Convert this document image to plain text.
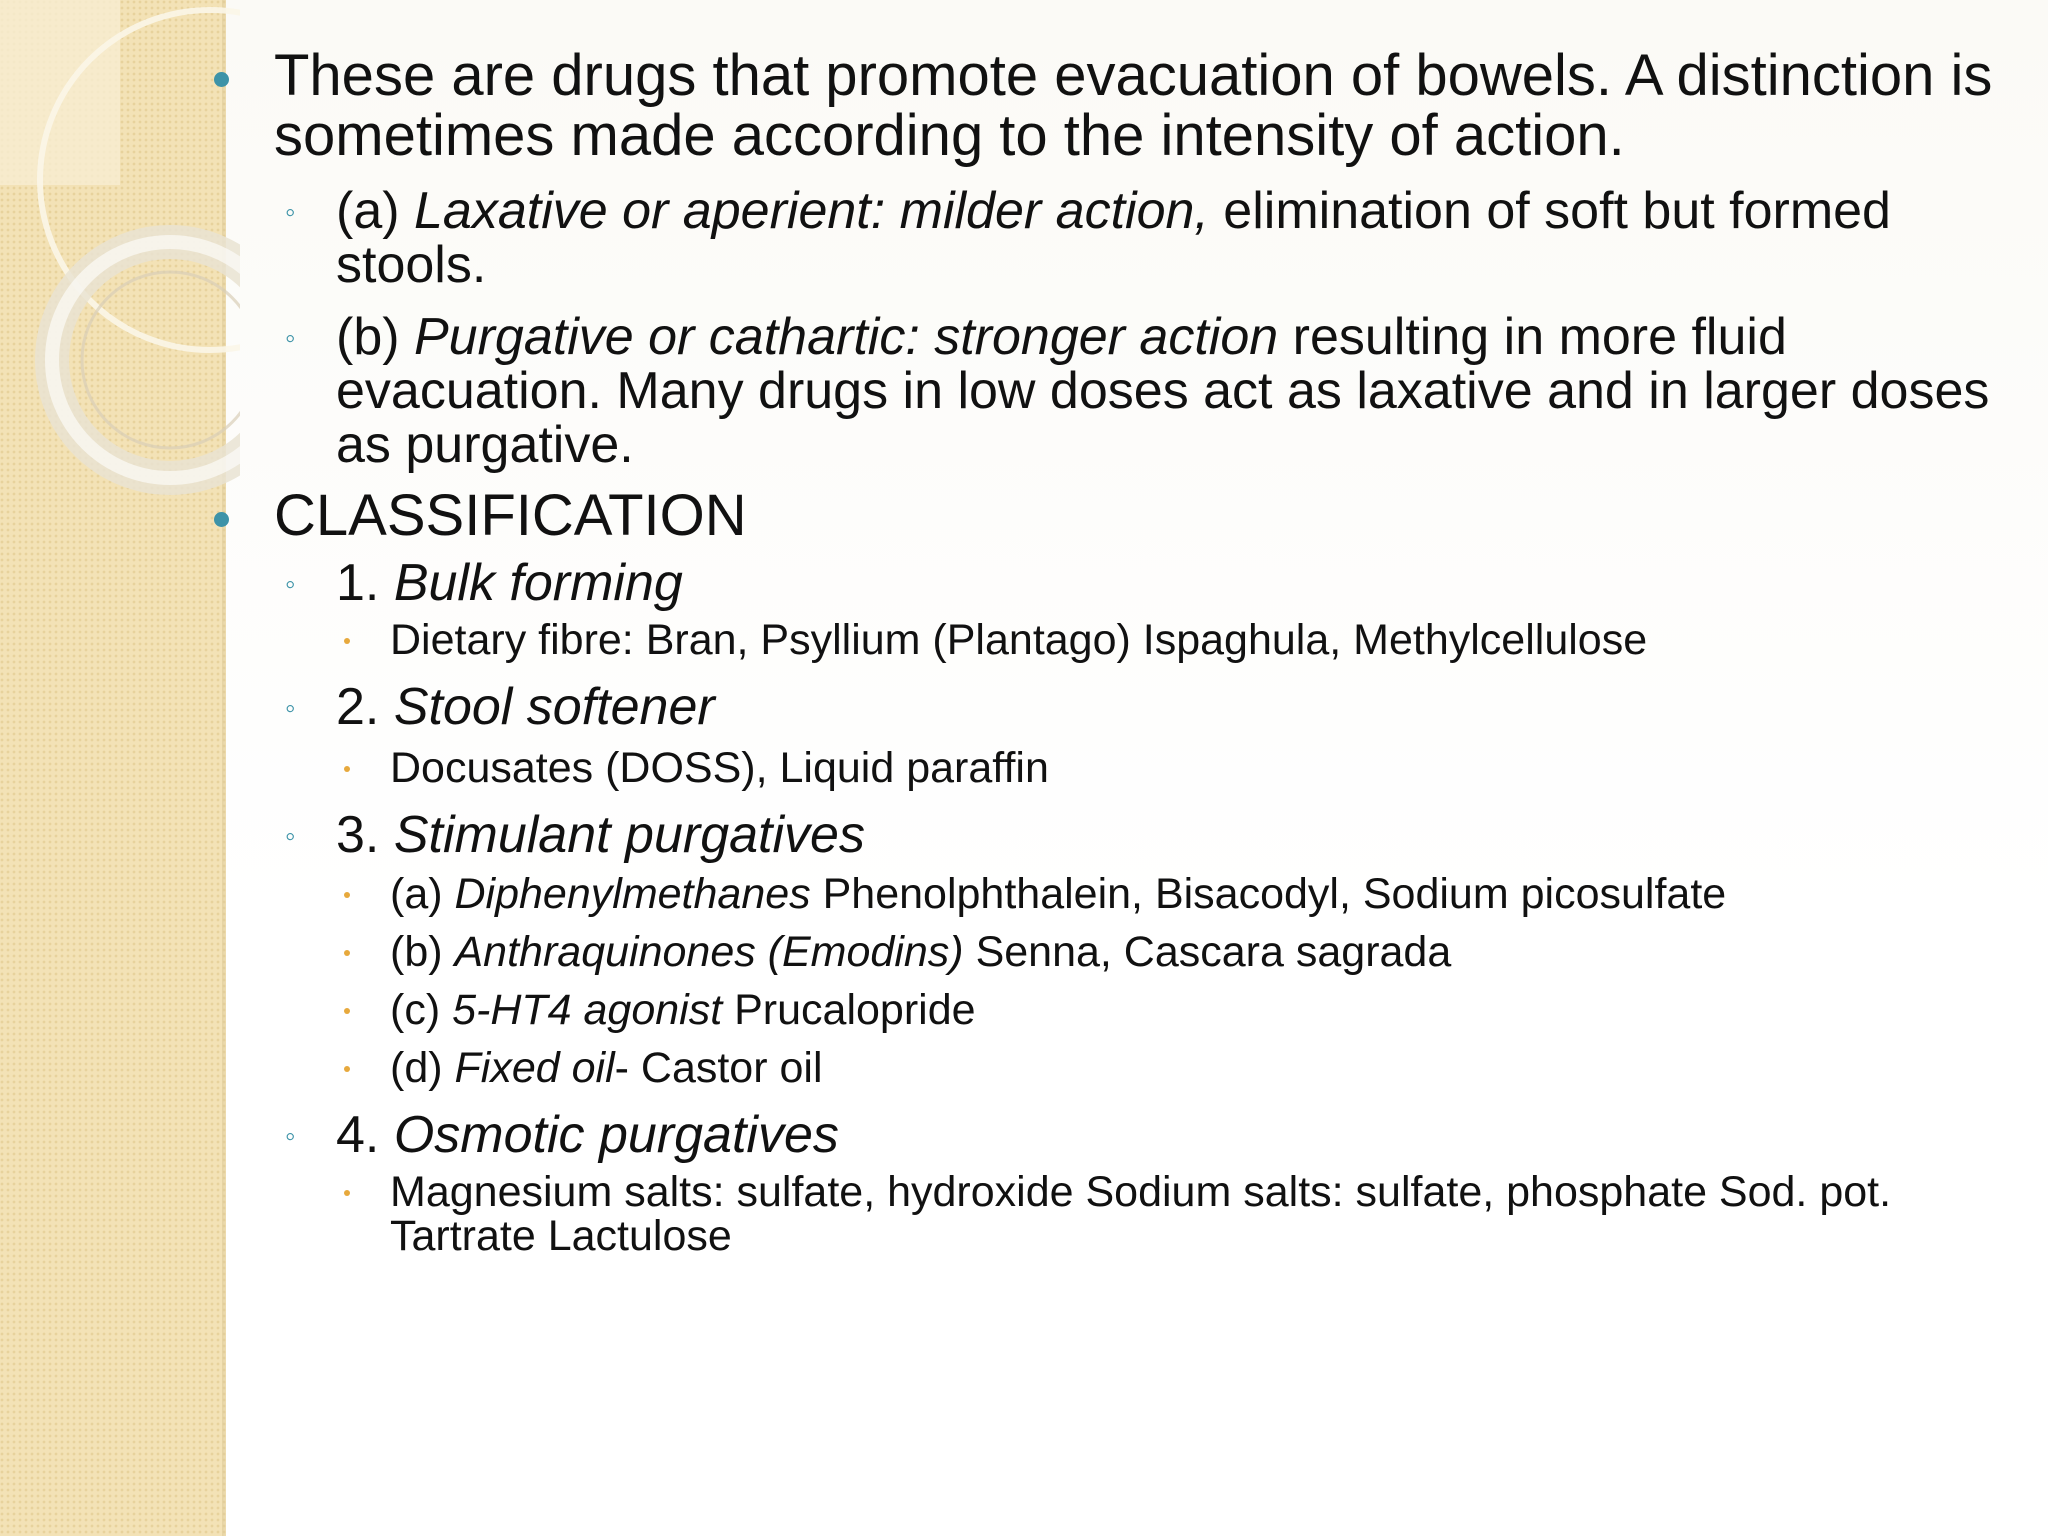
These are drugs that promote evacuation of bowels. A distinction is sometimes made according to the intensity of action.
◦ (a) Laxative or aperient: milder action, elimination of soft but formed stools.
◦ (b) Purgative or cathartic: stronger action resulting in more fluid evacuation. Many drugs in low doses act as laxative and in larger doses as purgative.
CLASSIFICATION
◦ 1. Bulk forming
Dietary fibre: Bran, Psyllium (Plantago) Ispaghula, Methylcellulose
◦ 2. Stool softener
Docusates (DOSS), Liquid paraffin
◦ 3. Stimulant purgatives
(a) Diphenylmethanes Phenolphthalein, Bisacodyl, Sodium picosulfate
(b) Anthraquinones (Emodins) Senna, Cascara sagrada
(c) 5-HT4 agonist Prucalopride
(d) Fixed oil- Castor oil
◦ 4. Osmotic purgatives
Magnesium salts: sulfate, hydroxide Sodium salts: sulfate, phosphate Sod. pot. Tartrate Lactulose
